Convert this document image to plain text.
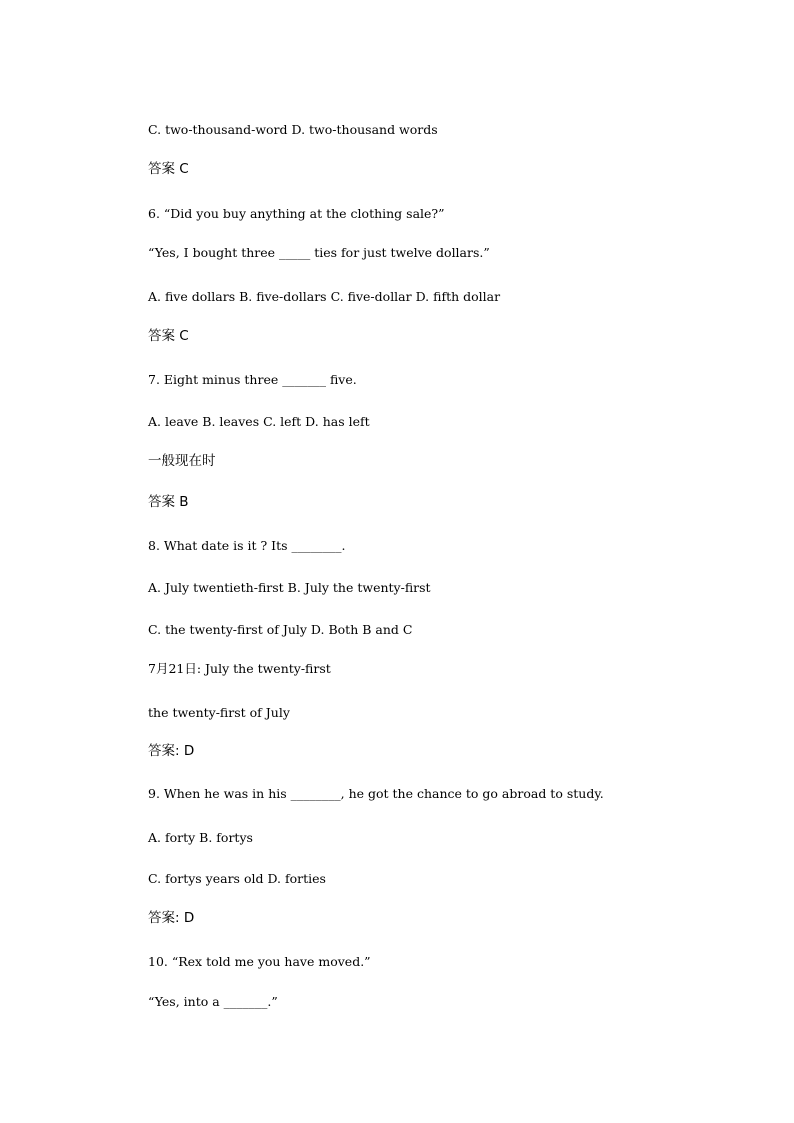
C. two-thousand-word D. two-thousand words
答案 C
6. “Did you buy anything at the clothing sale?”
“Yes, I bought three _____ ties for just twelve dollars.”
A. five dollars B. five-dollars C. five-dollar D. fifth dollar
答案 C
7. Eight minus three _______ five.
A. leave B. leaves C. left D. has left
一般现在时
答案 B
8. What date is it ? Its ________.
A. July twentieth-first B. July the twenty-first
C. the twenty-first of July D. Both B and C
7月21日: July the twenty-first
the twenty-first of July
答案: D
9. When he was in his ________, he got the chance to go abroad to study.
A. forty B. fortys
C. fortys years old D. forties
答案: D
10. “Rex told me you have moved.”
“Yes, into a _______.”
